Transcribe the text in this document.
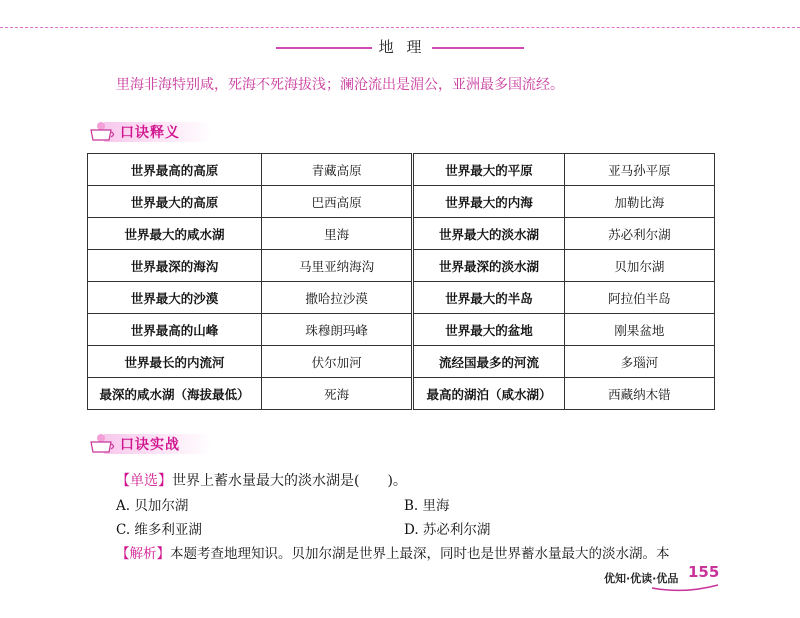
地 理
里海非海特别咸，死海不死海拔浅；澜沧流出是湄公，亚洲最多国流经。
口诀释义
世界最高的高原	青藏高原	世界最大的平原	亚马孙平原
世界最大的高原	巴西高原	世界最大的内海	加勒比海
世界最大的咸水湖	里海	世界最大的淡水湖	苏必利尔湖
世界最深的海沟	马里亚纳海沟	世界最深的淡水湖	贝加尔湖
世界最大的沙漠	撒哈拉沙漠	世界最大的半岛	阿拉伯半岛
世界最高的山峰	珠穆朗玛峰	世界最大的盆地	刚果盆地
世界最长的内流河	伏尔加河	流经国最多的河流	多瑙河
最深的咸水湖（海拔最低）	死海	最高的湖泊（咸水湖）	西藏纳木错
口诀实战
【单选】世界上蓄水量最大的淡水湖是(　　)。
A. 贝加尔湖	B. 里海
C. 维多利亚湖	D. 苏必利尔湖
【解析】本题考查地理知识。贝加尔湖是世界上最深，同时也是世界蓄水量最大的淡水湖。本
优知·优读·优品 155
